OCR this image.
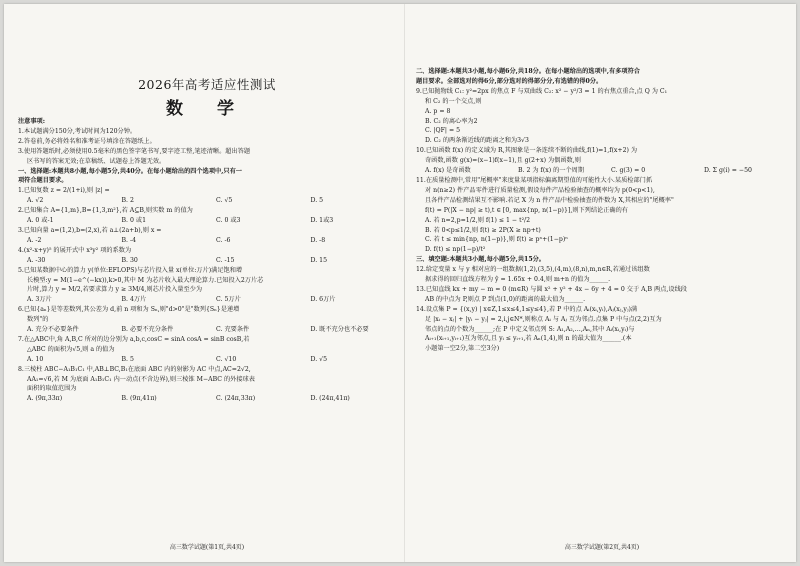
2026年高考适应性测试
数 学

注意事项:

1.本试题满分150分,考试时间为120分钟。

2.答卷前,务必将姓名和准考证号填涂在答题纸上。

3.使用答题纸时,必须使用0.5毫米的黑色签字笔书写,要字迹工整,笔迹清晰。超出答题

区书写的答案无效;在草稿纸、试题卷上答题无效。

一、选择题:本题共8小题,每小题5分,共40分。在每小题给出的四个选项中,只有一

项符合题目要求。

1.已知复数 z = 2/(1+i),则 |z| =

A. √2	B. 2	C. √5	D. 5

2.已知集合 A={1,m},B={1,3,m²},若 A⊆B,则实数 m 的值为

A. 0 或-1	B. 0 或1	C. 0 或3	D. 1或3

3.已知向量 a=(1,2),b=(2,x),若 a⊥(2a+b),则 x =

A. -2	B. -4	C. -6	D. -8

4.(x²-x+y)⁵ 的展开式中 x³y² 项的系数为

A. -30	B. 30	C. -15	D. 15

5.已知某数据中心的算力 y(单位:EFLOPS)与芯片投入量 x(单位:万片)满足饱和增

长模型:y = M(1−e^(−kx)),k>0,其中 M 为芯片收入最大理论算力.已知投入2万片芯

片时,算力 y = M/2,若要求算力 y ≥ 3M/4,则芯片投入量至少为

A. 3万片	B. 4万片	C. 5万片	D. 6万片

6.已知{aₙ}是等差数列,其公差为 d,前 n 项和为 Sₙ,则"d>0"是"数列{Sₙ}是递增

数列"的

A. 充分不必要条件	B. 必要不充分条件	C. 充要条件	D. 既不充分也不必要

7.在△ABC中,角 A,B,C 所对的边分别为 a,b,c,cosC = sinA cosA = sinB cosB,若

△ABC 的面积为√5,则 a 的值为

A. 10	B. 5	C. √10	D. √5

8.三棱柱 ABC−A₁B₁C₁ 中,AB⊥BC,B₁在底面 ABC 内的射影为 AC 中点,AC=2√2,

AA₁=√6,若 M 为底面 A₁B₁C₁ 内一动点(不含边界),则三棱锥 M−ABC 的外接球表

面积的取值范围为

A. (9π,33π)	B. (9π,41π)	C. (24π,33π)	D. (24π,41π)
高三数学试题(第1页,共4页)

二、选择题:本题共3小题,每小题6分,共18分。在每小题给出的选项中,有多项符合

题目要求。全部选对的得6分,部分选对的得部分分,有选错的得0分。

9.已知抛物线 C₁: y²=2px 的焦点 F 与双曲线 C₂: x² − y²/3 = 1 的右焦点重合,点 Q 为 C₁

和 C₂ 的一个交点,则

A. p = 8
B. C₂ 的离心率为2
C. |QF| = 5
D. C₂ 的两条渐近线的距离之和为3√3

10.已知函数 f(x) 的定义域为 R,其图象是一条连续不断的曲线,f(1)=1,f(x+2) 为

奇函数,函数 g(x)=(x−1)f(x−1),且 g(2+x) 为偶函数,则

A. f(x) 是奇函数	B. 2 为 f(x) 的一个周期	C. g(3) = 0	D. Σ g(i) = −50

11.在质量检测中,常用"尾概率"来度量某项指标偏离期望值的可能性大小.某质检部门抓

对 n(n≥2) 件产品零件进行质量检测,假设每件产品检验抽查的概率均为 p(0<p<1),

且各件产品检测结果互不影响.若记 X 为 n 件产品中检验抽查的件数为 X,其相应的"尾概率"

f(t) = P(|X − np| ≥ t),t ∈ [0, max{np, n(1−p)}],则下列结论正确的有

A. 若 n=2,p=1/2,则 f(1) ≤ 1 − t²/2
B. 若 0<p≤1/2,则 f(t) ≥ 2P(X ≥ np+t)
C. 若 t ≤ min{np, n(1−p)},则 f(t) ≥ pⁿ+(1−p)ⁿ
D. f(t) ≤ np(1−p)/t²

三、填空题:本题共3小题,每小题5分,共15分。

12.给定变量 x 与 y 相对应的一组数据(1,2),(3,5),(4,m),(8,n),m,n∈R,若通过该组数

据求得的回归直线方程为 ŷ = 1.65x + 0.4,则 m+n 的值为______.

13.已知直线 kx + my − m = 0 (m∈R) 与圆 x² + y² + 4x − 6y + 4 = 0 交于 A,B 两点,设线段

AB 的中点为 P,则点 P 到点(1,0)的距离的最大值为______.

14.设点集 P = {(x,y) | x∈Z,1≤x≤4,1≤y≤4},若 P 中的点 Aᵢ(xᵢ,yᵢ),Aⱼ(xⱼ,yⱼ)满

足 |xᵢ − xⱼ| + |yᵢ − yⱼ| = 2,i,j∈N*,则称点 Aᵢ 与 Aⱼ 互为邻点.点集 P 中与点(2,2)互为

邻点的点的个数为______;在 P 中定义邻点列 S: A₁,A₂,…,Aₙ,其中 Aᵢ(xᵢ,yᵢ)与

Aᵢ₊₁(xᵢ₊₁,yᵢ₊₁)互为邻点,且 yᵢ ≤ yᵢ₊₁,若 Aₙ(1,4),则 n 的最大值为______.(本

小题第一空2分,第二空3分)

高三数学试题(第2页,共4页)
